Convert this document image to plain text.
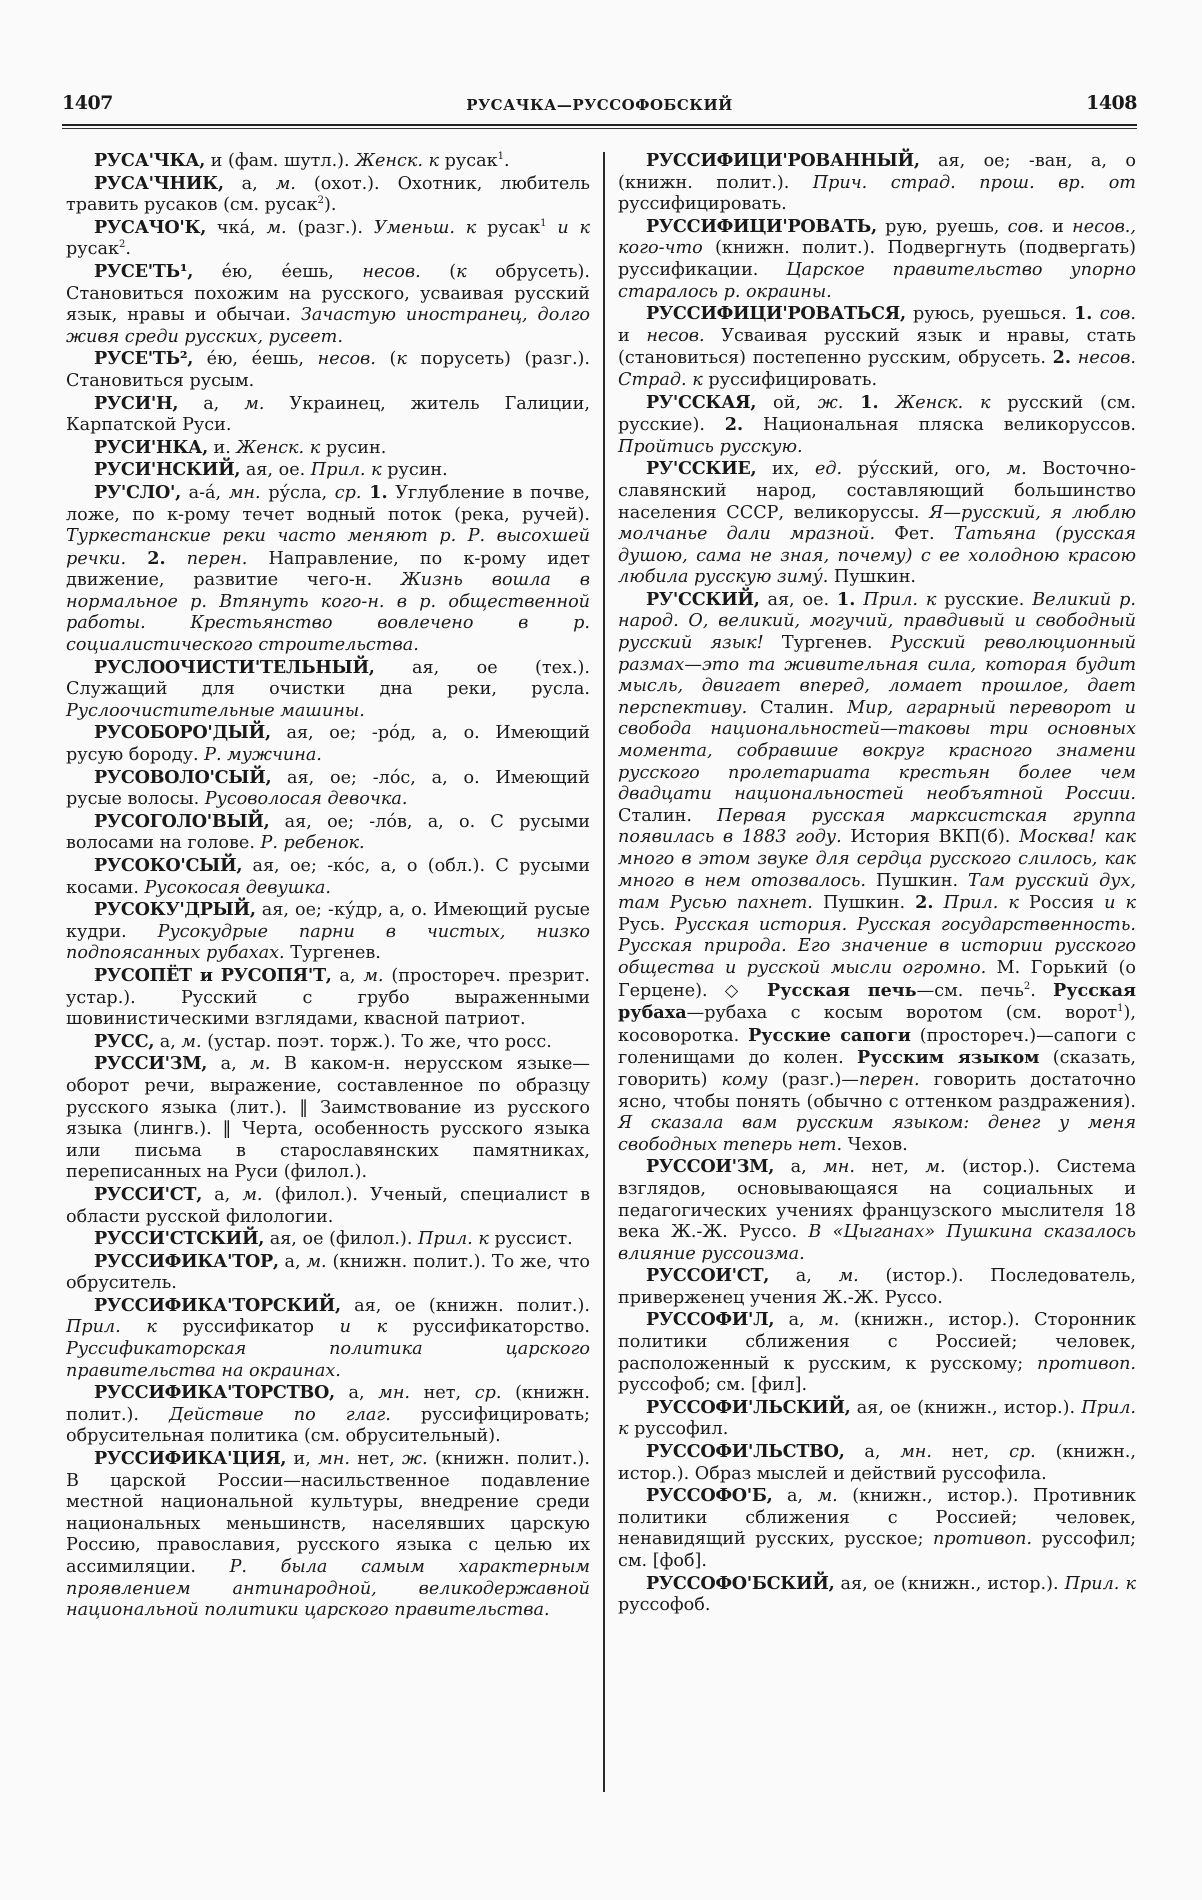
1407	РУСАЧКА—РУССОФОБСКИЙ	1408

РУСА'ЧКА, и (фам. шутл.). Женск. к русак$^1$.

РУСА'ЧНИК, а, м. (охот.). Охотник, любитель травить русаков (см. русак$^2$).

РУСАЧО'К, чка́, м. (разг.). Уменьш. к русак$^1$ и к русак$^2$.

РУСЕ'ТЬ¹, е́ю, е́ешь, несов. (к обрусеть). Становиться похожим на русского, усваивая русский язык, нравы и обычаи. Зачастую иностранец, долго живя среди русских, русеет.

РУСЕ'ТЬ², е́ю, е́ешь, несов. (к порусеть) (разг.). Становиться русым.

РУСИ'Н, а, м. Украинец, житель Галиции, Карпатской Руси.

РУСИ'НКА, и. Женск. к русин.

РУСИ'НСКИЙ, ая, ое. Прил. к русин.

РУ'СЛО', а-а́, мн. ру́сла, ср. 1. Углубление в почве, ложе, по к-рому течет водный поток (река, ручей). Туркестанские реки часто меняют р. Р. высохшей речки. 2. перен. Направление, по к-рому идет движение, развитие чего-н. Жизнь вошла в нормальное р. Втянуть кого-н. в р. общественной работы. Крестьянство вовлечено в р. социалистического строительства.

РУСЛООЧИСТИ'ТЕЛЬНЫЙ, ая, ое (тех.). Служащий для очистки дна реки, русла. Руслоочистительные машины.

РУСОБОРО'ДЫЙ, ая, ое; -ро́д, а, о. Имеющий русую бороду. Р. мужчина.

РУСОВОЛО'СЫЙ, ая, ое; -ло́с, а, о. Имеющий русые волосы. Русоволосая девочка.

РУСОГОЛО'ВЫЙ, ая, ое; -ло́в, а, о. С русыми волосами на голове. Р. ребенок.

РУСОКО'СЫЙ, ая, ое; -ко́с, а, о (обл.). С русыми косами. Русокосая девушка.

РУСОКУ'ДРЫЙ, ая, ое; -ку́др, а, о. Имеющий русые кудри. Русокудрые парни в чистых, низко подпоясанных рубахах. Тургенев.

РУСОПЁТ и РУСОПЯ'Т, а, м. (простореч. презрит. устар.). Русский с грубо выраженными шовинистическими взглядами, квасной патриот.

РУСС, а, м. (устар. поэт. торж.). То же, что росс.

РУССИ'ЗМ, а, м. В каком-н. нерусском языке—оборот речи, выражение, составленное по образцу русского языка (лит.). ‖ Заимствование из русского языка (лингв.). ‖ Черта, особенность русского языка или письма в старославянских памятниках, переписанных на Руси (филол.).

РУССИ'СТ, а, м. (филол.). Ученый, специалист в области русской филологии.

РУССИ'СТСКИЙ, ая, ое (филол.). Прил. к руссист.

РУССИФИКА'ТОР, а, м. (книжн. полит.). То же, что обруситель.

РУССИФИКА'ТОРСКИЙ, ая, ое (книжн. полит.). Прил. к руссификатор и к руссификаторство. Руссификаторская политика царского правительства на окраинах.

РУССИФИКА'ТОРСТВО, а, мн. нет, ср. (книжн. полит.). Действие по глаг. руссифицировать; обрусительная политика (см. обрусительный).

РУССИФИКА'ЦИЯ, и, мн. нет, ж. (книжн. полит.). В царской России—насильственное подавление местной национальной культуры, внедрение среди национальных меньшинств, населявших царскую Россию, православия, русского языка с целью их ассимиляции. Р. была самым характерным проявлением антинародной, великодержавной национальной политики царского правительства.

РУССИФИЦИ'РОВАННЫЙ, ая, ое; -ван, а, о (книжн. полит.). Прич. страд. прош. вр. от руссифицировать.

РУССИФИЦИ'РОВАТЬ, рую, руешь, сов. и несов., кого-что (книжн. полит.). Подвергнуть (подвергать) руссификации. Царское правительство упорно старалось р. окраины.

РУССИФИЦИ'РОВАТЬСЯ, руюсь, руешься. 1. сов. и несов. Усваивая русский язык и нравы, стать (становиться) постепенно русским, обрусеть. 2. несов. Страд. к руссифицировать.

РУ'ССКАЯ, ой, ж. 1. Женск. к русский (см. русские). 2. Национальная пляска великоруссов. Пройтись русскую.

РУ'ССКИЕ, их, ед. ру́сский, ого, м. Восточно-славянский народ, составляющий большинство населения СССР, великоруссы. Я—русский, я люблю молчанье дали мразной. Фет. Татьяна (русская душою, сама не зная, почему) с ее холодною красою любила русскую зиму́. Пушкин.

РУ'ССКИЙ, ая, ое. 1. Прил. к русские. Великий р. народ. О, великий, могучий, правдивый и свободный русский язык! Тургенев. Русский революционный размах—это та живительная сила, которая будит мысль, двигает вперед, ломает прошлое, дает перспективу. Сталин. Мир, аграрный переворот и свобода национальностей—таковы три основных момента, собравшие вокруг красного знамени русского пролетариата крестьян более чем двадцати национальностей необъятной России. Сталин. Первая русская марксистская группа появилась в 1883 году. История ВКП(б). Москва! как много в этом звуке для сердца русского слилось, как много в нем отозвалось. Пушкин. Там русский дух, там Русью пахнет. Пушкин. 2. Прил. к Россия и к Русь. Русская история. Русская государственность. Русская природа. Его значение в истории русского общества и русской мысли огромно. М. Горький (о Герцене). ◇ Русская печь—см. печь$^2$. Русская рубаха—рубаха с косым воротом (см. ворот$^1$), косоворотка. Русские сапоги (простореч.)—сапоги с голенищами до колен. Русским языком (сказать, говорить) кому (разг.)—перен. говорить достаточно ясно, чтобы понять (обычно с оттенком раздражения). Я сказала вам русским языком: денег у меня свободных теперь нет. Чехов.

РУССОИ'ЗМ, а, мн. нет, м. (истор.). Система взглядов, основывающаяся на социальных и педагогических учениях французского мыслителя 18 века Ж.-Ж. Руссо. В «Цыганах» Пушкина сказалось влияние руссоизма.

РУССОИ'СТ, а, м. (истор.). Последователь, приверженец учения Ж.-Ж. Руссо.

РУССОФИ'Л, а, м. (книжн., истор.). Сторонник политики сближения с Россией; человек, расположенный к русским, к русскому; противоп. руссофоб; см. [фил].

РУССОФИ'ЛЬСКИЙ, ая, ое (книжн., истор.). Прил. к руссофил.

РУССОФИ'ЛЬСТВО, а, мн. нет, ср. (книжн., истор.). Образ мыслей и действий руссофила.

РУССОФО'Б, а, м. (книжн., истор.). Противник политики сближения с Россией; человек, ненавидящий русских, русское; противоп. руссофил; см. [фоб].

РУССОФО'БСКИЙ, ая, ое (книжн., истор.). Прил. к руссофоб.
